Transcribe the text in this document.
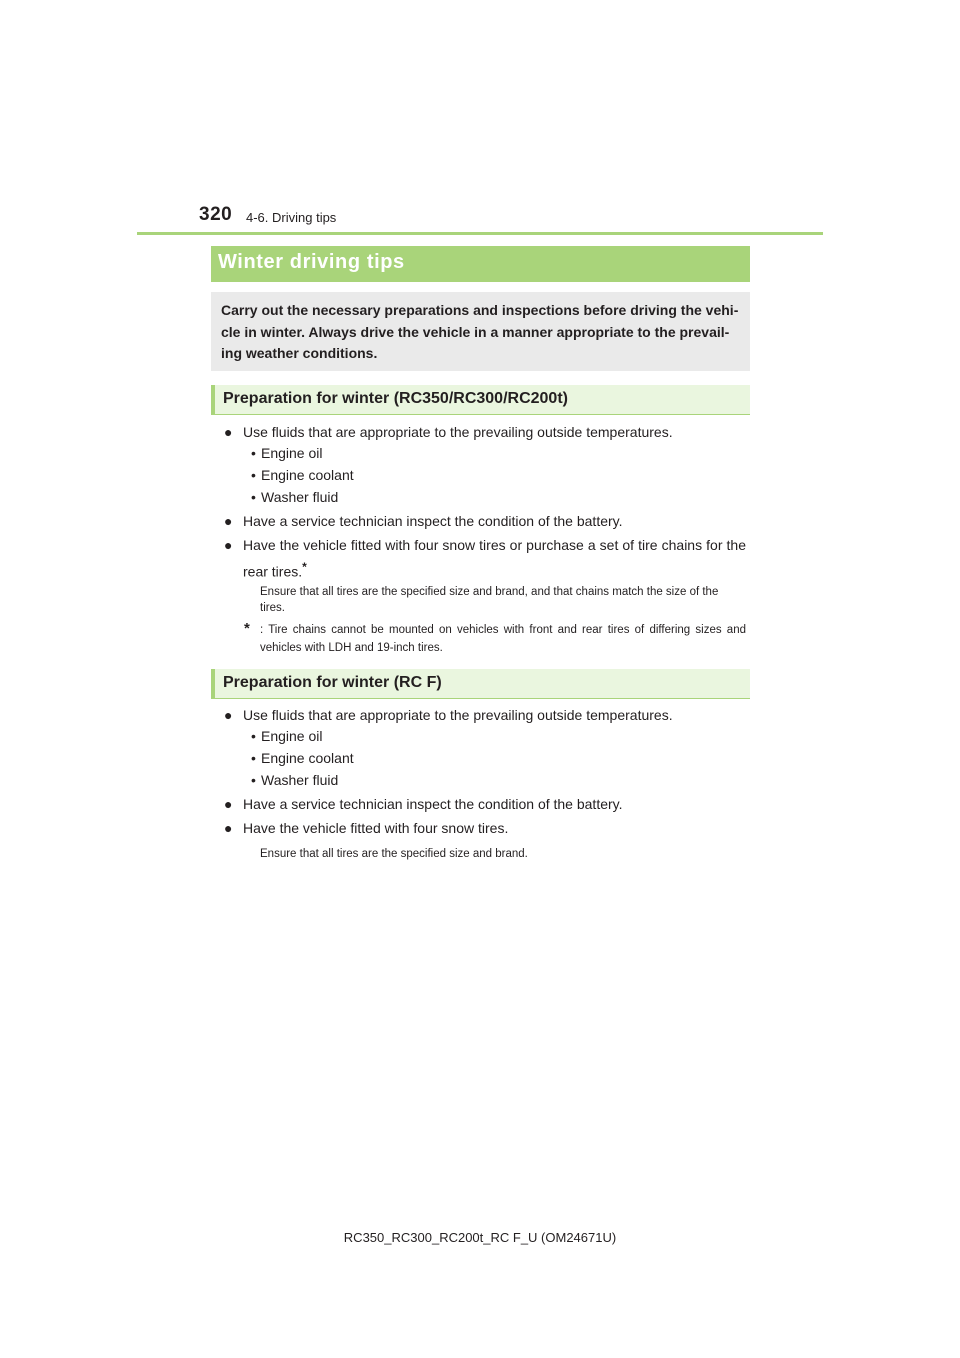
320 4-6. Driving tips
Winter driving tips
Carry out the necessary preparations and inspections before driving the vehi-cle in winter. Always drive the vehicle in a manner appropriate to the prevail-ing weather conditions.
Preparation for winter (RC350/RC300/RC200t)
● Use fluids that are appropriate to the prevailing outside temperatures.
• Engine oil
• Engine coolant
• Washer fluid
● Have a service technician inspect the condition of the battery.
● Have the vehicle fitted with four snow tires or purchase a set of tire chains for the rear tires.*
Ensure that all tires are the specified size and brand, and that chains match the size of the tires.
* : Tire chains cannot be mounted on vehicles with front and rear tires of differing sizes and vehicles with LDH and 19-inch tires.
Preparation for winter (RC F)
● Use fluids that are appropriate to the prevailing outside temperatures.
• Engine oil
• Engine coolant
• Washer fluid
● Have a service technician inspect the condition of the battery.
● Have the vehicle fitted with four snow tires.
Ensure that all tires are the specified size and brand.
RC350_RC300_RC200t_RC F_U (OM24671U)
